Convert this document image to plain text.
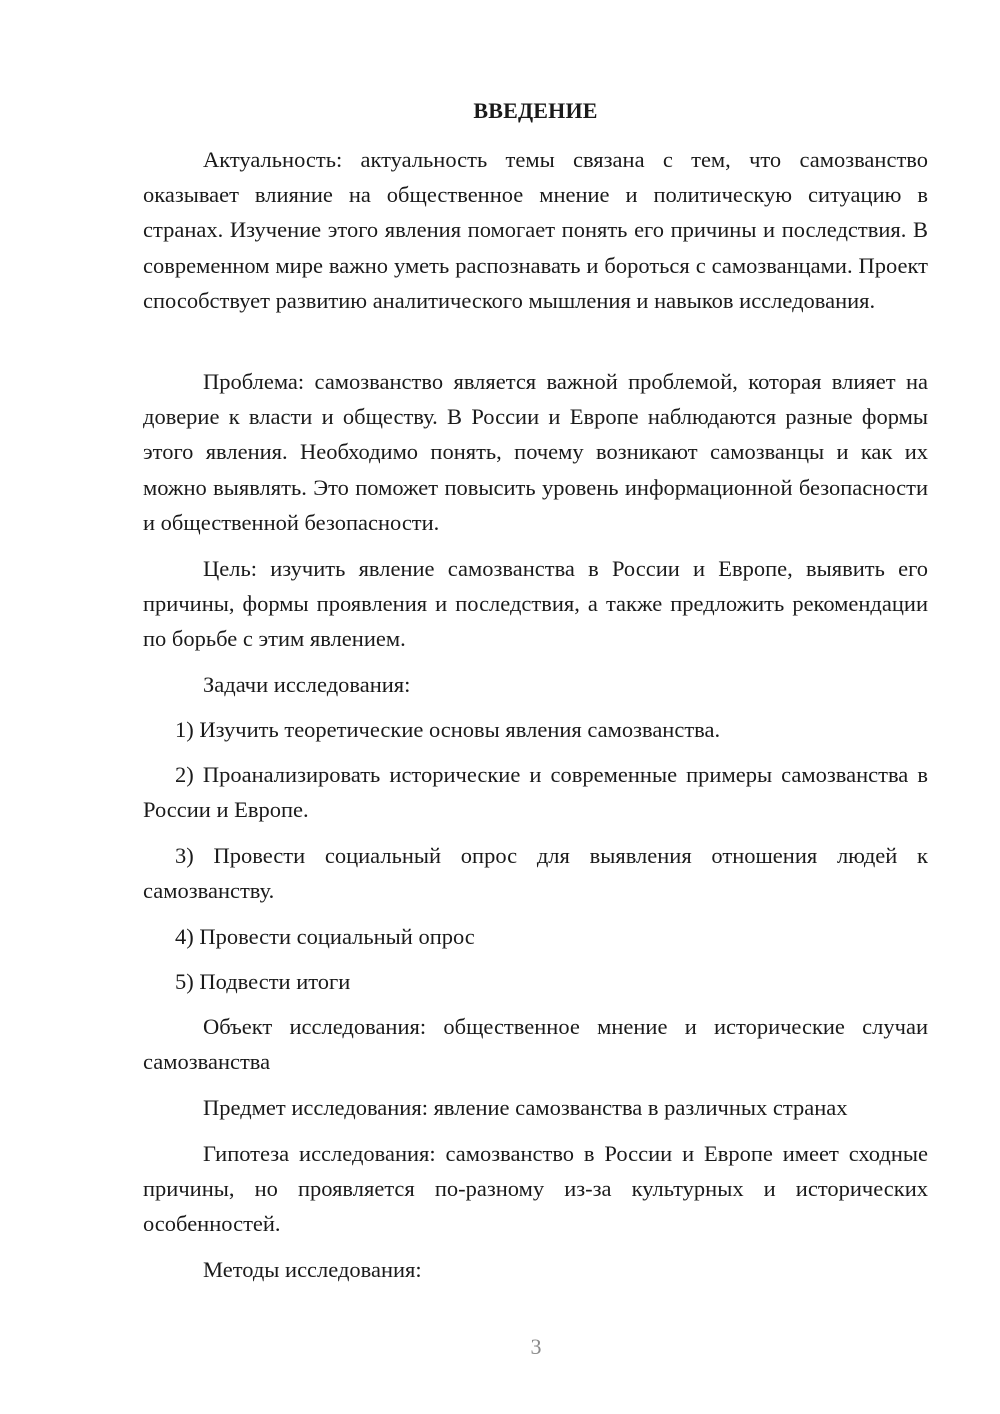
ВВЕДЕНИЕ

Актуальность: актуальность темы связана с тем, что самозванство оказывает влияние на общественное мнение и политическую ситуацию в странах. Изучение этого явления помогает понять его причины и последствия. В современном мире важно уметь распознавать и бороться с самозванцами. Проект способствует развитию аналитического мышления и навыков исследования.

Проблема: самозванство является важной проблемой, которая влияет на доверие к власти и обществу. В России и Европе наблюдаются разные формы этого явления. Необходимо понять, почему возникают самозванцы и как их можно выявлять. Это поможет повысить уровень информационной безопасности и общественной безопасности.

Цель: изучить явление самозванства в России и Европе, выявить его причины, формы проявления и последствия, а также предложить рекомендации по борьбе с этим явлением.

Задачи исследования:

1) Изучить теоретические основы явления самозванства.

2) Проанализировать исторические и современные примеры самозванства в России и Европе.

3) Провести социальный опрос для выявления отношения людей к самозванству.

4) Провести социальный опрос

5) Подвести итоги

Объект исследования: общественное мнение и исторические случаи самозванства

Предмет исследования: явление самозванства в различных странах

Гипотеза исследования: самозванство в России и Европе имеет сходные причины, но проявляется по-разному из-за культурных и исторических особенностей.

Методы исследования:

3
